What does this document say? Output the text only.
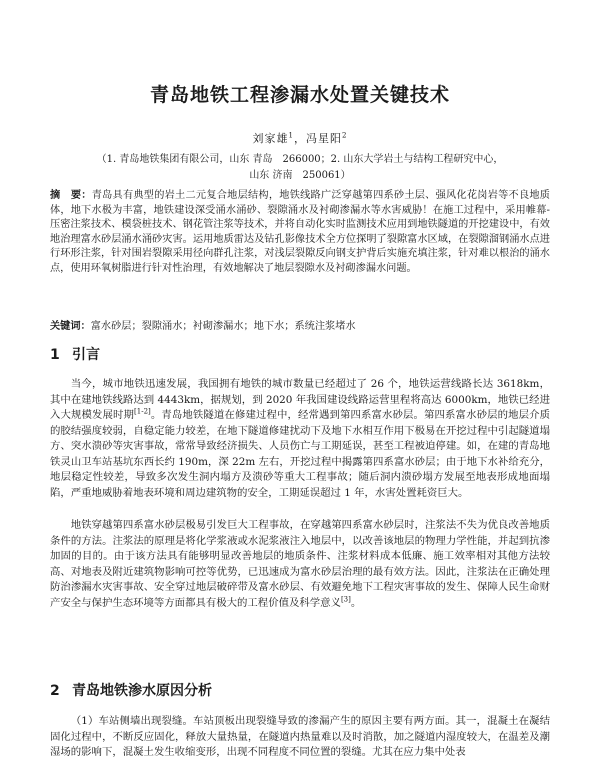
青岛地铁工程渗漏水处置关键技术
刘家雄$^1$，冯星阳$^2$
（1. 青岛地铁集团有限公司，山东 青岛　266000；2. 山东大学岩土与结构工程研究中心，
山东 济南　250061）

摘　要：青岛具有典型的岩土二元复合地层结构，地铁线路广泛穿越第四系砂土层、强风化花岗岩等不良地质体，地下水极为丰富，地铁建设深受涌水涌砂、裂隙涌水及衬砌渗漏水等水害威胁！在施工过程中，采用帷幕-压密注浆技术、模袋桩技术、钢花管注浆等技术，并将自动化实时监测技术应用到地铁隧道的开挖建设中，有效地治理富水砂层涌水涌砂灾害。运用地质雷达及钻孔影像技术全方位探明了裂隙富水区域，在裂隙溜钢涌水点进行环形注浆，针对围岩裂隙采用径向群孔注浆，对浅层裂隙反向钢支护背后实施充填注浆，针对难以根治的涌水点，使用环氧树脂进行针对性治理，有效地解决了地层裂隙水及衬砌渗漏水问题。

关键词：富水砂层；裂隙涌水；衬砌渗漏水；地下水；系统注浆堵水

1 引言

当今，城市地铁迅速发展，我国拥有地铁的城市数量已经超过了 26 个，地铁运营线路长达 3618km，其中在建地铁线路达到 4443km，据规划，到 2020 年我国建设线路运营里程将高达 6000km，地铁已经进入大规模发展时期[1-2]。青岛地铁隧道在修建过程中，经常遇到第四系富水砂层。第四系富水砂层的地层介质的胶结强度较弱，自稳定能力较差，在地下隧道修建扰动下及地下水相互作用下极易在开挖过程中引起隧道塌方、突水溃砂等灾害事故，常常导致经济损失、人员伤亡与工期延误，甚至工程被迫停建。如，在建的青岛地铁灵山卫车站基坑东西长约 190m，深 22m 左右，开挖过程中揭露第四系富水砂层；由于地下水补给充分，地层稳定性较差，导致多次发生洞内塌方及溃砂等重大工程事故；随后洞内溃砂塌方发展至地表形成地面塌陷，严重地威胁着地表环境和周边建筑物的安全，工期延误超过 1 年，水害处置耗资巨大。

地铁穿越第四系富水砂层极易引发巨大工程事故，在穿越第四系富水砂层时，注浆法不失为优良改善地质条件的方法。注浆法的原理是将化学浆液或水泥浆液注入地层中，以改善该地层的物理力学性能，并起到抗渗加固的目的。由于该方法具有能够明显改善地层的地质条件、注浆材料成本低廉、施工效率相对其他方法较高、对地表及附近建筑物影响可控等优势，已迅速成为富水砂层治理的最有效方法。因此，注浆法在正确处理防治渗漏水灾害事故、安全穿过地层破碎带及富水砂层、有效避免地下工程灾害事故的发生、保障人民生命财产安全与保护生态环境等方面都具有极大的工程价值及科学意义[3]。

2 青岛地铁渗水原因分析

（1）车站侧墙出现裂缝。车站顶板出现裂缝导致的渗漏产生的原因主要有两方面。其一，混凝土在凝结固化过程中，不断反应固化，释放大量热量，在隧道内热量难以及时消散，加之隧道内湿度较大，在温差及潮湿场的影响下，混凝土发生收缩变形，出现不同程度不同位置的裂缝。尤其在应力集中处表
